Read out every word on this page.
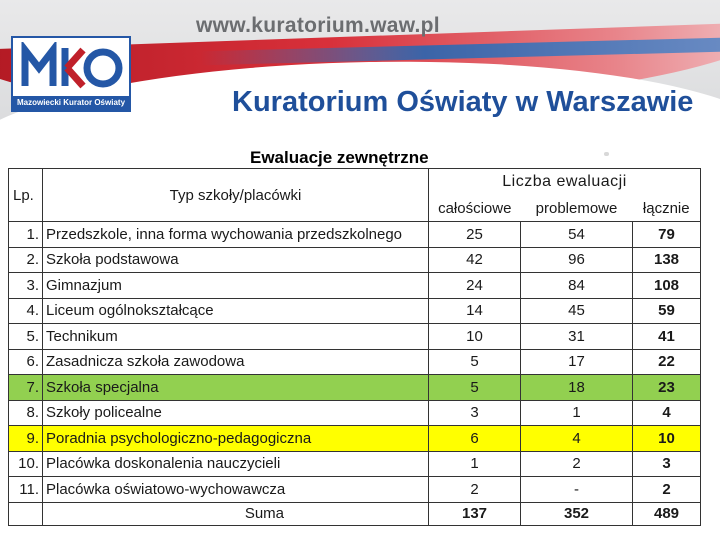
www.kuratorium.waw.pl
Kuratorium Oświaty w Warszawie
Mazowiecki Kurator Oświaty
Ewaluacje zewnętrzne
Lp.	Typ szkoły/placówki	Liczba ewaluacji		
		całościowe	problemowe	łącznie
1.	Przedszkole, inna forma wychowania przedszkolnego	25	54	79
2.	Szkoła podstawowa	42	96	138
3.	Gimnazjum	24	84	108
4.	Liceum ogólnokształcące	14	45	59
5.	Technikum	10	31	41
6.	Zasadnicza szkoła zawodowa	5	17	22
7.	Szkoła specjalna	5	18	23
8.	Szkoły policealne	3	1	4
9.	Poradnia psychologiczno-pedagogiczna	6	4	10
10.	Placówka doskonalenia nauczycieli	1	2	3
11.	Placówka oświatowo-wychowawcza	2	-	2
	Suma	137	352	489
